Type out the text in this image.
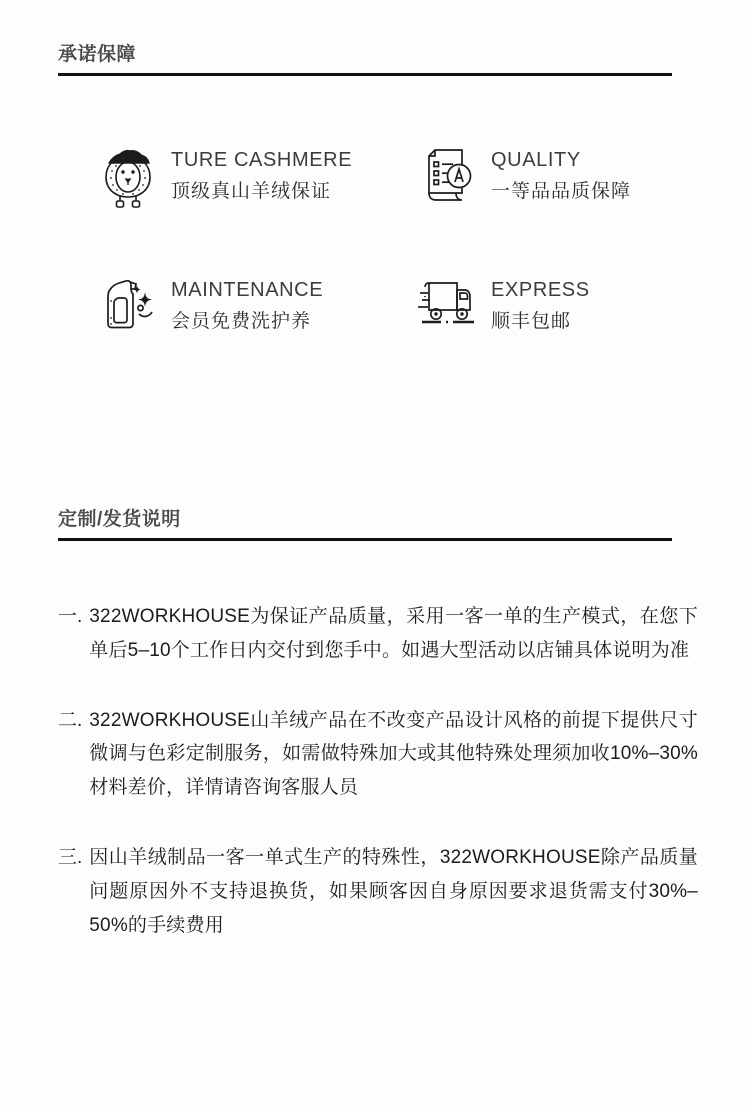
承诺保障
TURE CASHMERE
顶级真山羊绒保证
QUALITY
一等品品质保障
MAINTENANCE
会员免费洗护养
EXPRESS
顺丰包邮
定制/发货说明
一. 322WORKHOUSE为保证产品质量，采用一客一单的生产模式，在您下单后5–10个工作日内交付到您手中。如遇大型活动以店铺具体说明为准
二. 322WORKHOUSE山羊绒产品在不改变产品设计风格的前提下提供尺寸微调与色彩定制服务，如需做特殊加大或其他特殊处理须加收10%–30%材料差价，详情请咨询客服人员
三. 因山羊绒制品一客一单式生产的特殊性，322WORKHOUSE除产品质量问题原因外不支持退换货，如果顾客因自身原因要求退货需支付30%–50%的手续费用
